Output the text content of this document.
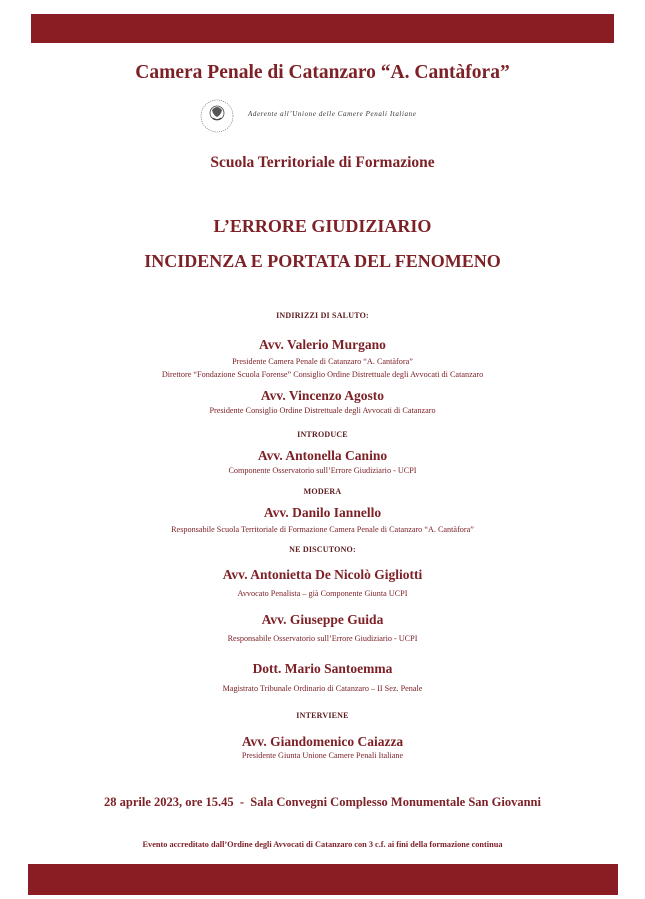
Camera Penale di Catanzaro “A. Cantàfora”
Aderente all’Unione delle Camere Penali Italiane
Scuola Territoriale di Formazione
L’ERRORE GIUDIZIARIO
INCIDENZA E PORTATA DEL FENOMENO
INDIRIZZI DI SALUTO:
Avv. Valerio Murgano
Presidente Camera Penale di Catanzaro “A. Cantàfora”
Direttore “Fondazione Scuola Forense” Consiglio Ordine Distrettuale degli Avvocati di Catanzaro
Avv. Vincenzo Agosto
Presidente Consiglio Ordine Distrettuale degli Avvocati di Catanzaro
INTRODUCE
Avv. Antonella Canino
Componente Osservatorio sull’Errore Giudiziario - UCPI
MODERA
Avv. Danilo Iannello
Responsabile Scuola Territoriale di Formazione Camera Penale di Catanzaro “A. Cantàfora”
NE DISCUTONO:
Avv. Antonietta De Nicolò Gigliotti
Avvocato Penalista – già Componente Giunta UCPI
Avv. Giuseppe Guida
Responsabile Osservatorio sull’Errore Giudiziario - UCPI
Dott. Mario Santoemma
Magistrato Tribunale Ordinario di Catanzaro – II Sez. Penale
INTERVIENE
Avv. Giandomenico Caiazza
Presidente Giunta Unione Camere Penali Italiane
28 aprile 2023, ore 15.45  -  Sala Convegni Complesso Monumentale San Giovanni
Evento accreditato dall’Ordine degli Avvocati di Catanzaro con 3 c.f. ai fini della formazione continua
